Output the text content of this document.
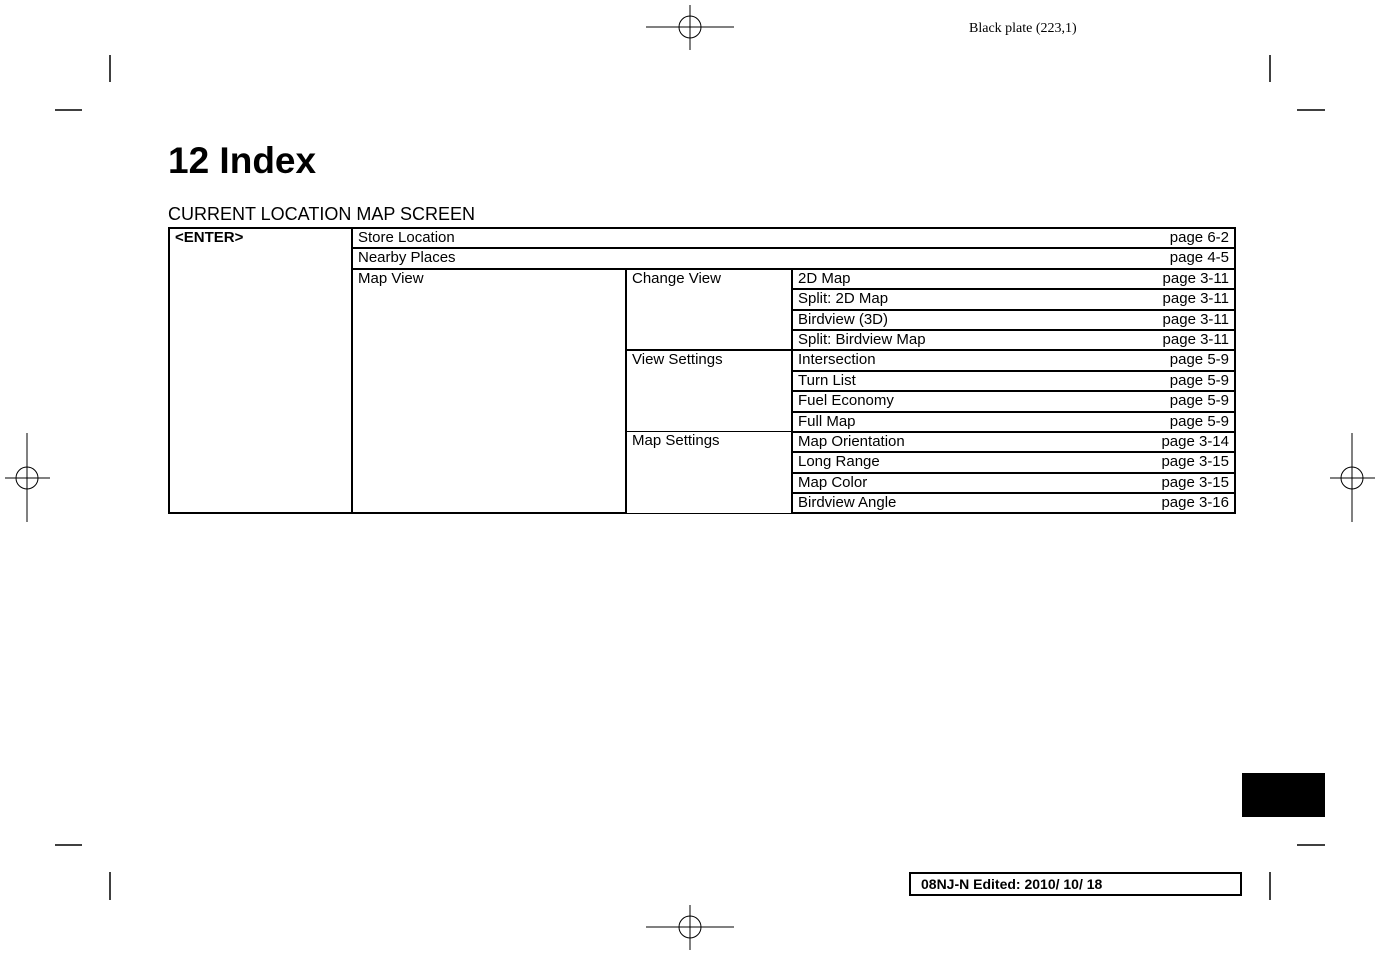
Black plate (223,1)
12 Index
CURRENT LOCATION MAP SCREEN
<ENTER>	Store Location page 6-2		

	Nearby Places page 4-5		

	Map View	Change View	2D Map page 3-11

			Split: 2D Map page 3-11

			Birdview (3D) page 3-11

			Split: Birdview Map page 3-11

		View Settings	Intersection page 5-9

			Turn List page 5-9

			Fuel Economy page 5-9

			Full Map page 5-9

		Map Settings	Map Orientation page 3-14

			Long Range page 3-15

			Map Color page 3-15

			Birdview Angle page 3-16
08NJ-N Edited: 2010/ 10/ 18
